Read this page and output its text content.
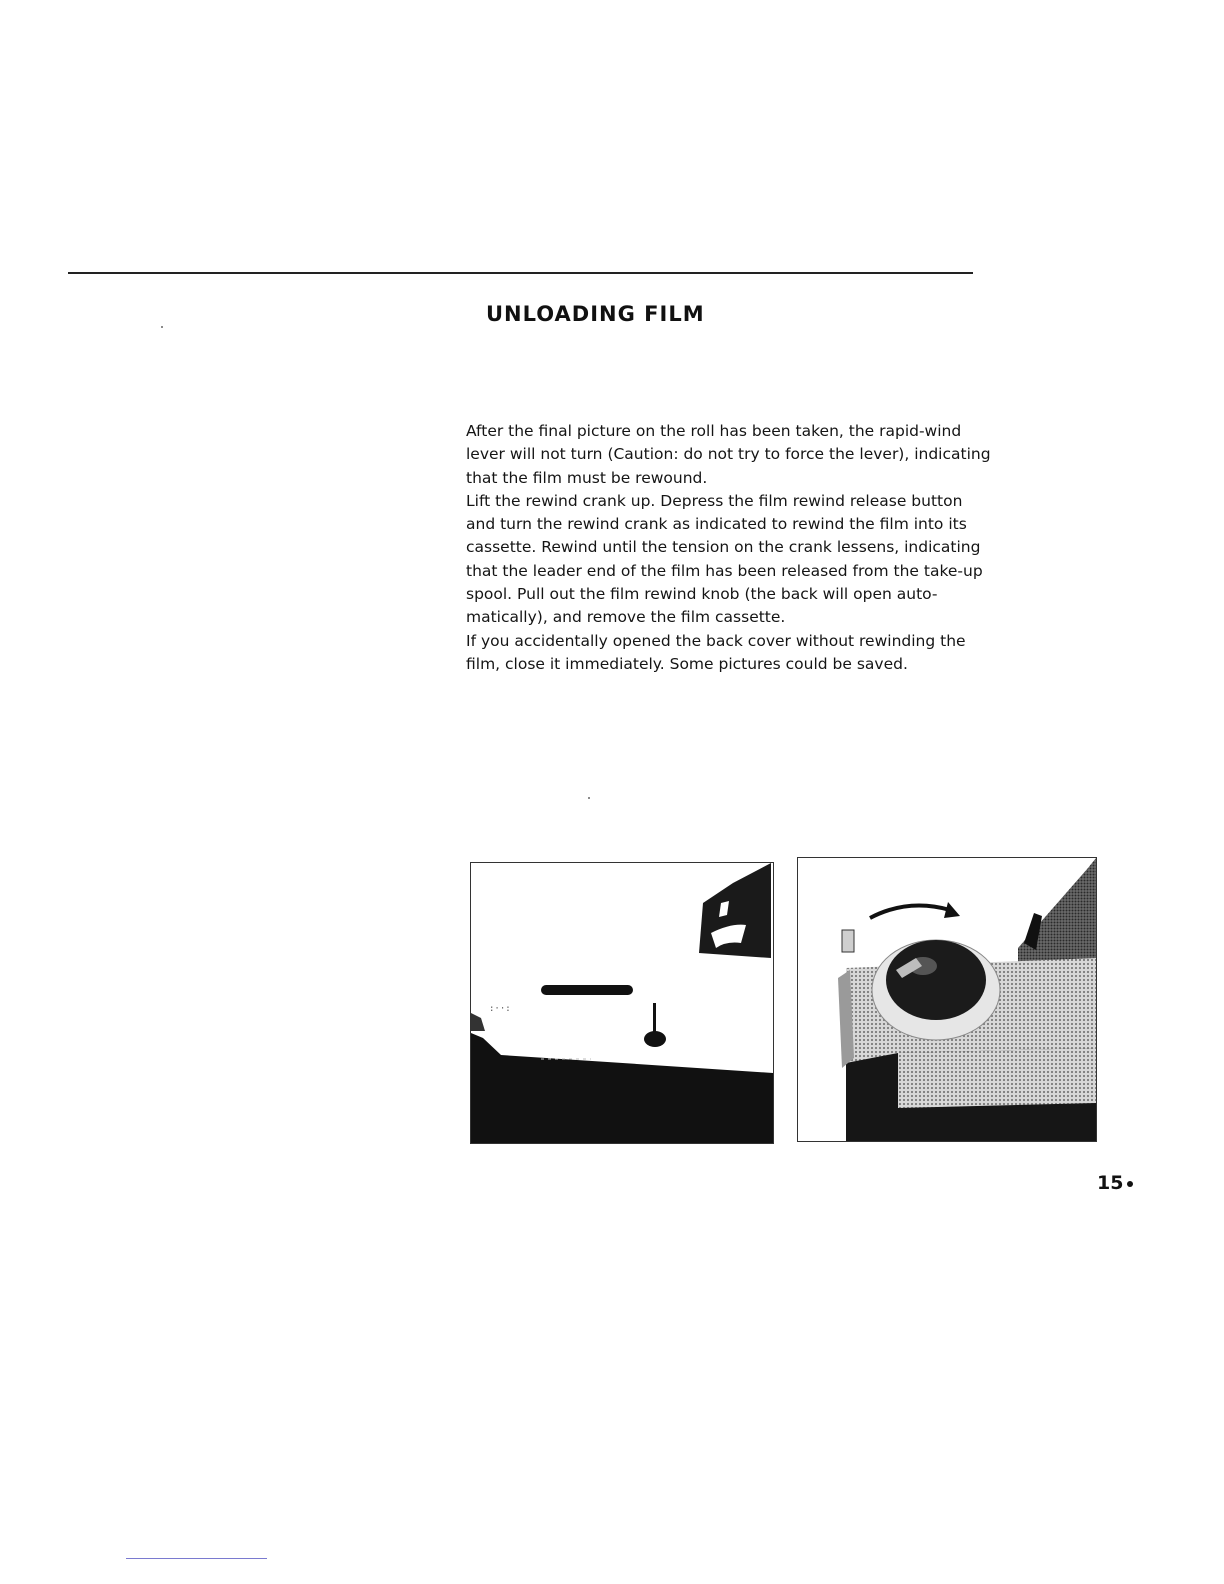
UNLOADING FILM

After the final picture on the roll has been taken, the rapid-wind
lever will not turn (Caution: do not try to force the lever), indicating
that the film must be rewound.

Lift the rewind crank up. Depress the film rewind release button
and turn the rewind crank as indicated to rewind the film into its
cassette. Rewind until the tension on the crank lessens, indicating
that the leader end of the film has been released from the take-up
spool. Pull out the film rewind knob (the back will open auto-
matically), and remove the film cassette.

If you accidentally opened the back cover without rewinding the
film, close it immediately. Some pictures could be saved.

:··:
15
